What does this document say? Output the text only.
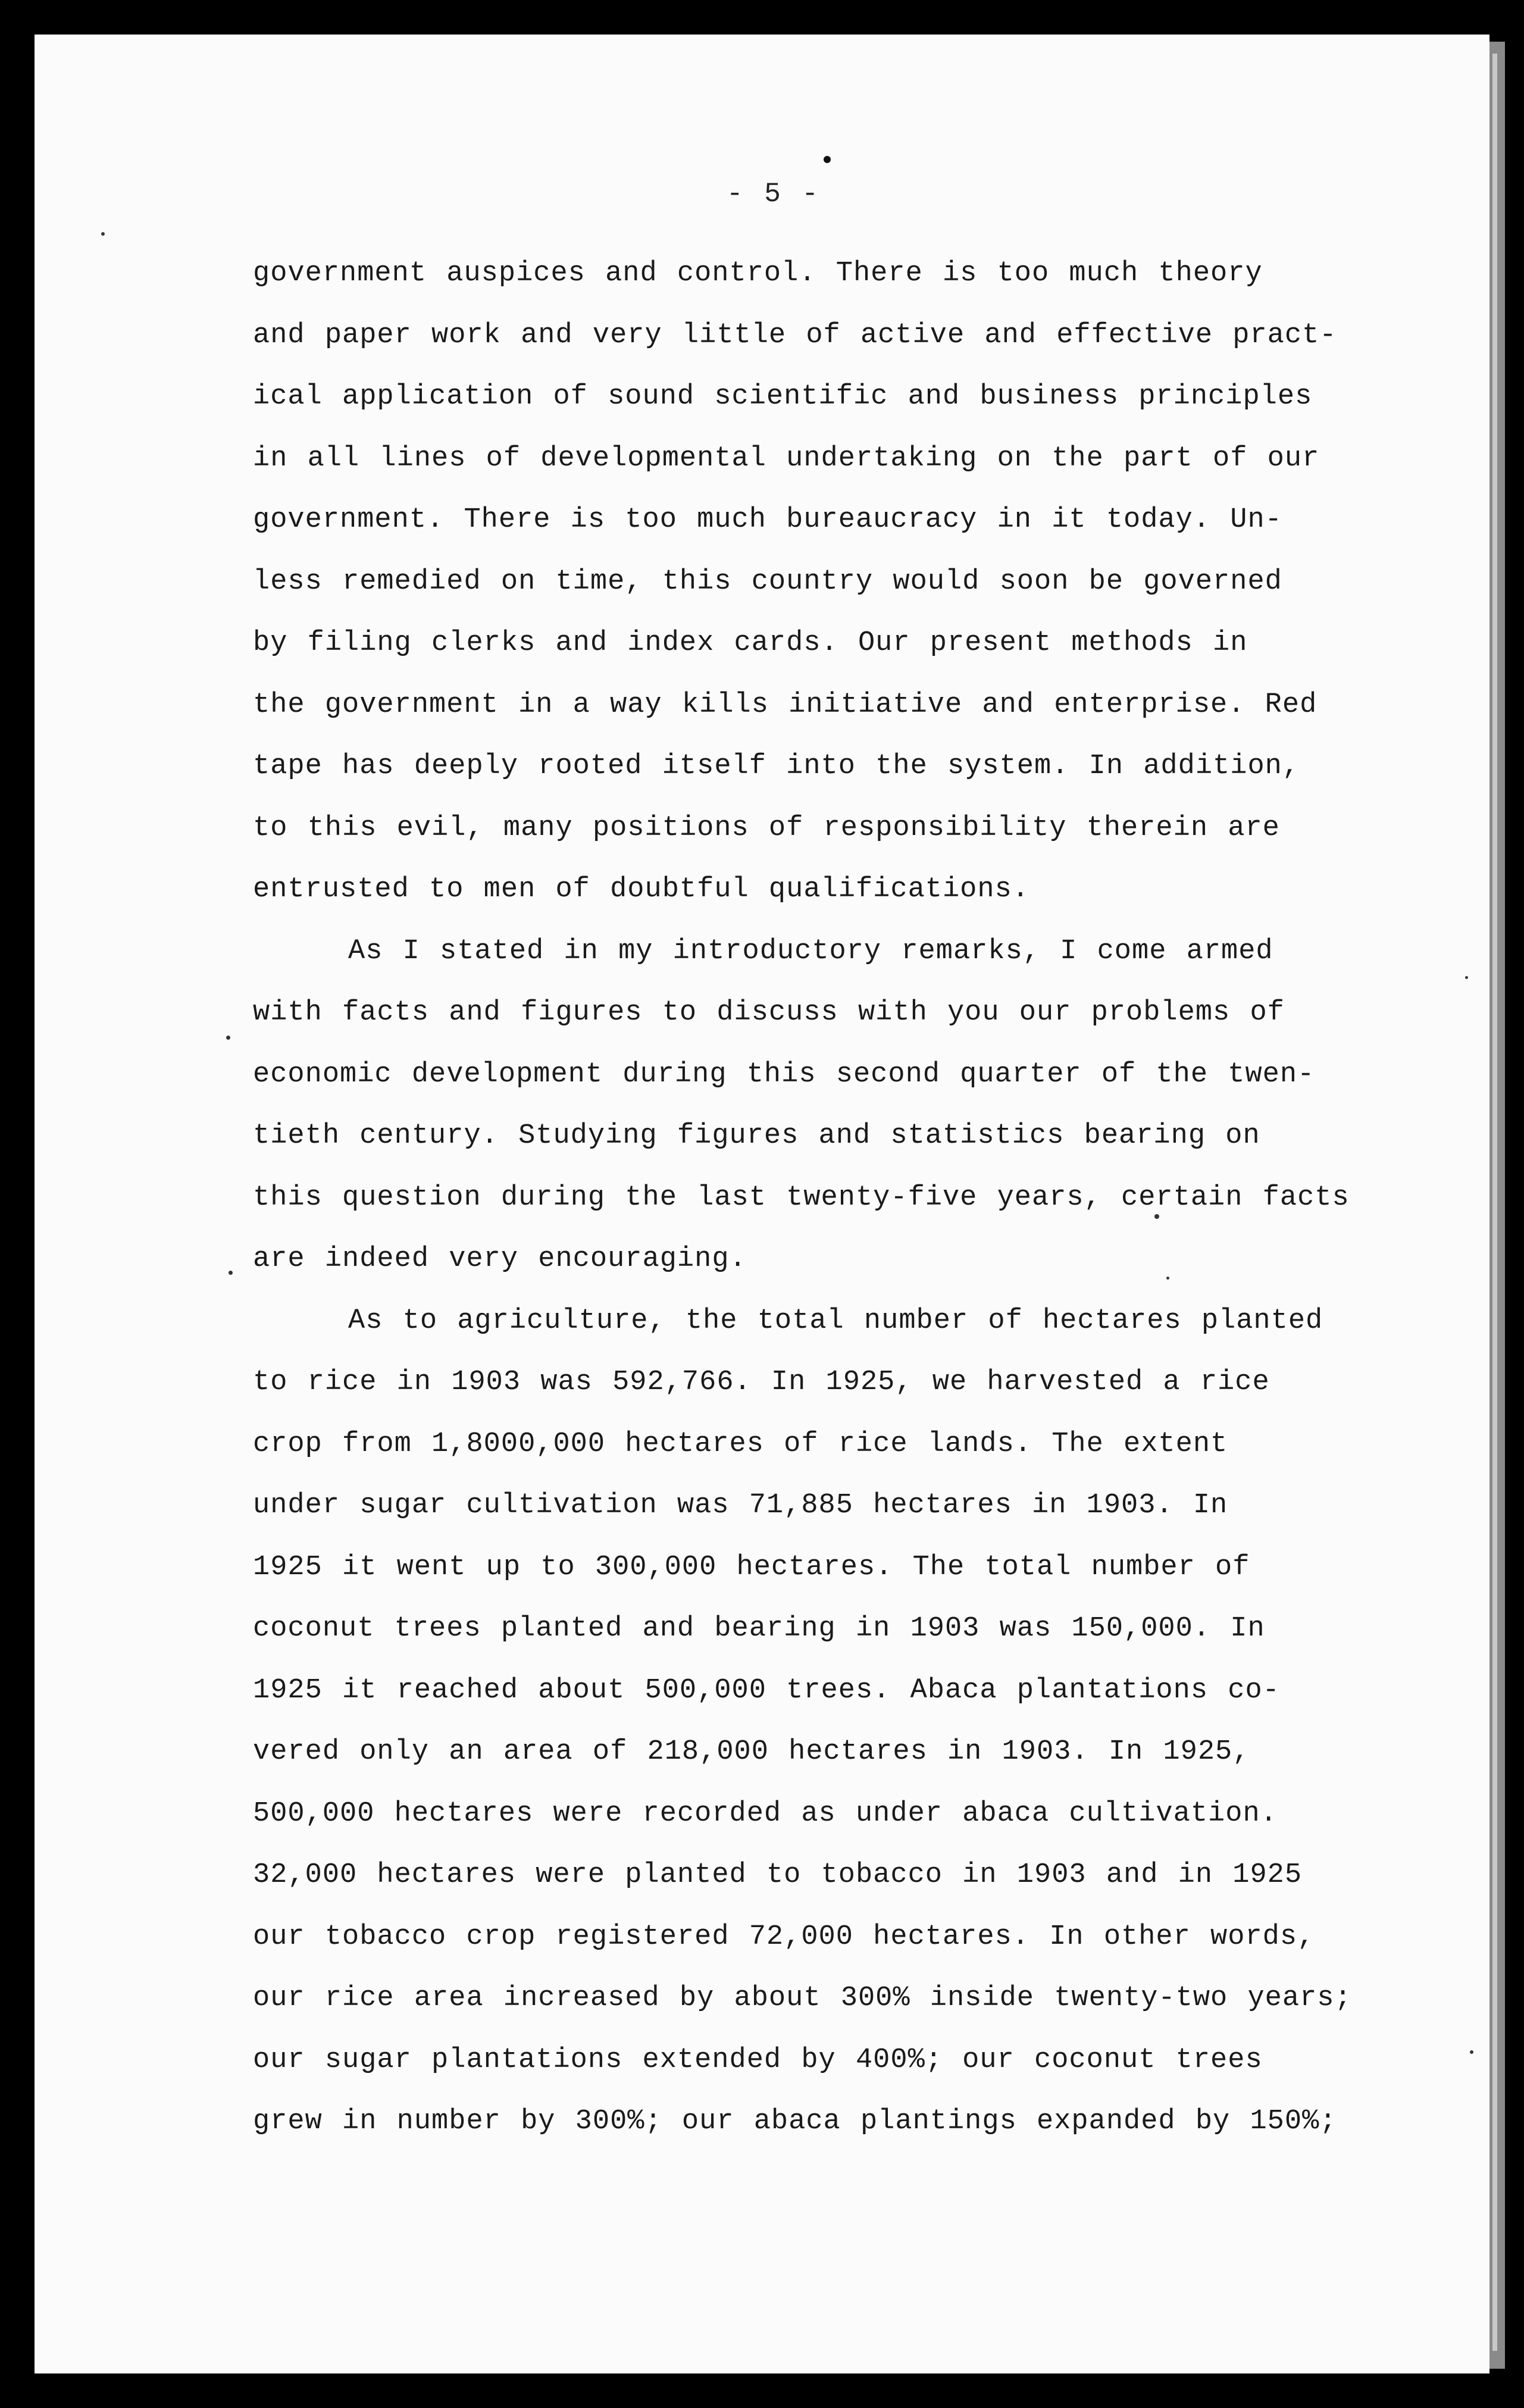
- 5 -
government auspices and control. There is too much theory
and paper work and very little of active and effective pract-
ical application of sound scientific and business principles
in all lines of developmental undertaking on the part of our
government. There is too much bureaucracy in it today. Un-
less remedied on time, this country would soon be governed
by filing clerks and index cards. Our present methods in
the government in a way kills initiative and enterprise. Red
tape has deeply rooted itself into the system. In addition,
to this evil, many positions of responsibility therein are
entrusted to men of doubtful qualifications.
As I stated in my introductory remarks, I come armed
with facts and figures to discuss with you our problems of
economic development during this second quarter of the twen-
tieth century. Studying figures and statistics bearing on
this question during the last twenty-five years, certain facts
are indeed very encouraging.
As to agriculture, the total number of hectares planted
to rice in 1903 was 592,766. In 1925, we harvested a rice
crop from 1,8000,000 hectares of rice lands. The extent
under sugar cultivation was 71,885 hectares in 1903. In
1925 it went up to 300,000 hectares. The total number of
coconut trees planted and bearing in 1903 was 150,000. In
1925 it reached about 500,000 trees. Abaca plantations co-
vered only an area of 218,000 hectares in 1903. In 1925,
500,000 hectares were recorded as under abaca cultivation.
32,000 hectares were planted to tobacco in 1903 and in 1925
our tobacco crop registered 72,000 hectares. In other words,
our rice area increased by about 300% inside twenty-two years;
our sugar plantations extended by 400%; our coconut trees
grew in number by 300%; our abaca plantings expanded by 150%;
